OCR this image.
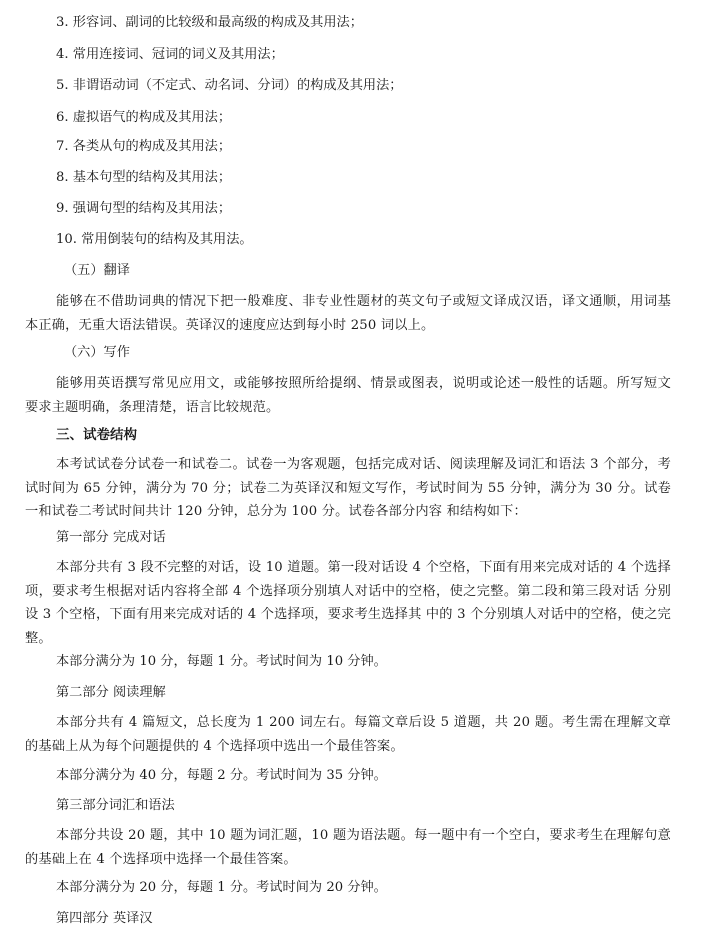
3. 形容词、副词的比较级和最高级的构成及其用法；
4. 常用连接词、冠词的词义及其用法；
5. 非谓语动词（不定式、动名词、分词）的构成及其用法；
6. 虚拟语气的构成及其用法；
7. 各类从句的构成及其用法；
8. 基本句型的结构及其用法；
9. 强调句型的结构及其用法；
10. 常用倒装句的结构及其用法。
（五）翻译
能够在不借助词典的情况下把一般难度、非专业性题材的英文句子或短文译成汉语，译文通顺，用词基本正确，无重大语法错误。英译汉的速度应达到每小时 250 词以上。
（六）写作
能够用英语撰写常见应用文，或能够按照所给提纲、情景或图表，说明或论述一般性的话题。所写短文要求主题明确，条理清楚，语言比较规范。
三、试卷结构
本考试试卷分试卷一和试卷二。试卷一为客观题，包括完成对话、阅读理解及词汇和语法 3 个部分，考试时间为 65 分钟，满分为 70 分；试卷二为英译汉和短文写作，考试时间为 55 分钟，满分为 30 分。试卷一和试卷二考试时间共计 120 分钟，总分为 100 分。试卷各部分内容 和结构如下：
第一部分 完成对话
本部分共有 3 段不完整的对话，设 10 道题。第一段对话设 4 个空格，下面有用来完成对话的 4 个选择项，要求考生根据对话内容将全部 4 个选择项分别填人对话中的空格，使之完整。第二段和第三段对话 分别设 3 个空格，下面有用来完成对话的 4 个选择项，要求考生选择其 中的 3 个分别填人对话中的空格，使之完整。
本部分满分为 10 分，每题 1 分。考试时间为 10 分钟。
第二部分 阅读理解
本部分共有 4 篇短文，总长度为 1 200 词左右。每篇文章后设 5 道题，共 20 题。考生需在理解文章的基础上从为每个问题提供的 4 个选择项中选出一个最佳答案。
本部分满分为 40 分，每题 2 分。考试时间为 35 分钟。
第三部分词汇和语法
本部分共设 20 题，其中 10 题为词汇题，10 题为语法题。每一题中有一个空白，要求考生在理解句意的基础上在 4 个选择项中选择一个最佳答案。
本部分满分为 20 分，每题 1 分。考试时间为 20 分钟。
第四部分 英译汉
